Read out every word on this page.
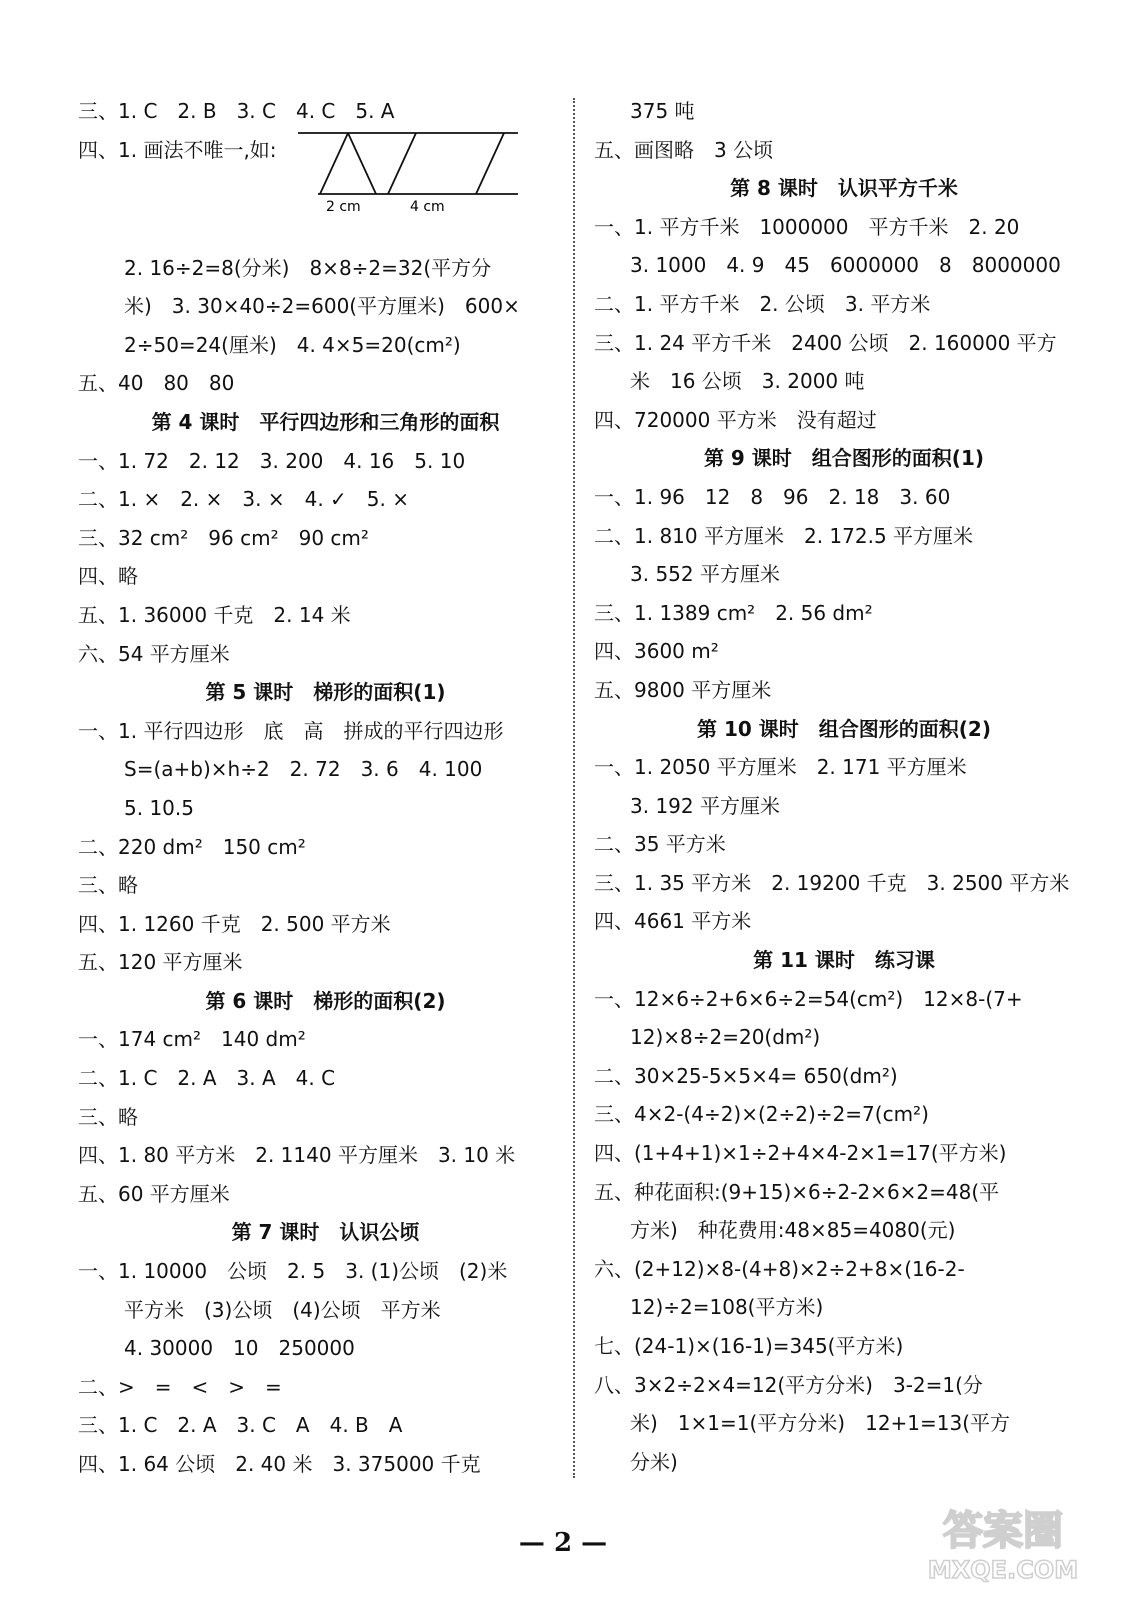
三、1. C　2. B　3. C　4. C　5. A
四、1. 画法不唯一,如:
2 cm	4 cm
2. 16÷2=8(分米)　8×8÷2=32(平方分
米)　3. 30×40÷2=600(平方厘米)　600×
2÷50=24(厘米)　4. 4×5=20(cm²)
五、40　80　80
第 4 课时　平行四边形和三角形的面积
一、1. 72　2. 12　3. 200　4. 16　5. 10
二、1. ×　2. ×　3. ×　4. ✓　5. ×
三、32 cm²　96 cm²　90 cm²
四、略
五、1. 36000 千克　2. 14 米
六、54 平方厘米
第 5 课时　梯形的面积(1)
一、1. 平行四边形　底　高　拼成的平行四边形
S=(a+b)×h÷2　2. 72　3. 6　4. 100
5. 10.5
二、220 dm²　150 cm²
三、略
四、1. 1260 千克　2. 500 平方米
五、120 平方厘米
第 6 课时　梯形的面积(2)
一、174 cm²　140 dm²
二、1. C　2. A　3. A　4. C
三、略
四、1. 80 平方米　2. 1140 平方厘米　3. 10 米
五、60 平方厘米
第 7 课时　认识公顷
一、1. 10000　公顷　2. 5　3. (1)公顷　(2)米
平方米　(3)公顷　(4)公顷　平方米
4. 30000　10　250000
二、>　=　<　>　=
三、1. C　2. A　3. C　A　4. B　A
四、1. 64 公顷　2. 40 米　3. 375000 千克
375 吨
五、画图略　3 公顷
第 8 课时　认识平方千米
一、1. 平方千米　1000000　平方千米　2. 20
3. 1000　4. 9　45　6000000　8　8000000
二、1. 平方千米　2. 公顷　3. 平方米
三、1. 24 平方千米　2400 公顷　2. 160000 平方
米　16 公顷　3. 2000 吨
四、720000 平方米　没有超过
第 9 课时　组合图形的面积(1)
一、1. 96　12　8　96　2. 18　3. 60
二、1. 810 平方厘米　2. 172.5 平方厘米
3. 552 平方厘米
三、1. 1389 cm²　2. 56 dm²
四、3600 m²
五、9800 平方厘米
第 10 课时　组合图形的面积(2)
一、1. 2050 平方厘米　2. 171 平方厘米
3. 192 平方厘米
二、35 平方米
三、1. 35 平方米　2. 19200 千克　3. 2500 平方米
四、4661 平方米
第 11 课时　练习课
一、12×6÷2+6×6÷2=54(cm²)　12×8-(7+
12)×8÷2=20(dm²)
二、30×25-5×5×4= 650(dm²)
三、4×2-(4÷2)×(2÷2)÷2=7(cm²)
四、(1+4+1)×1÷2+4×4-2×1=17(平方米)
五、种花面积:(9+15)×6÷2-2×6×2=48(平
方米)　种花费用:48×85=4080(元)
六、(2+12)×8-(4+8)×2÷2+8×(16-2-
12)÷2=108(平方米)
七、(24-1)×(16-1)=345(平方米)
八、3×2÷2×4=12(平方分米)　3-2=1(分
米)　1×1=1(平方分米)　12+1=13(平方
分米)
— 2 —	答案圈
MXQE.COM
